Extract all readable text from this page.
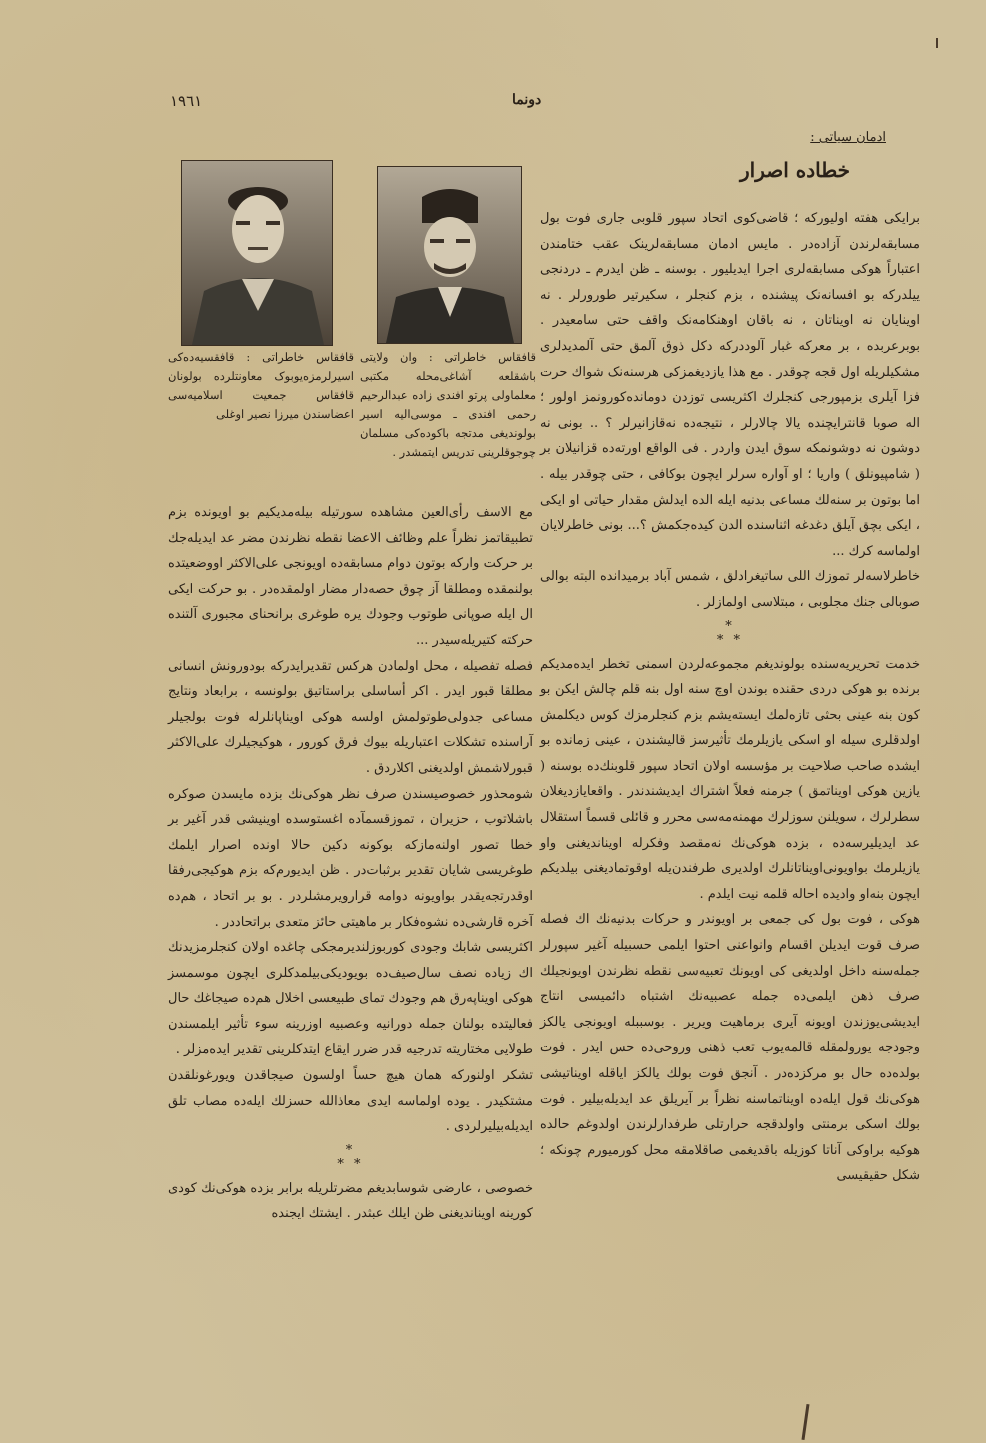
١٩٦١	دونما
ادمان سیاتی :
خطاده اصرار
قافقاس خاطراتی : قافقسیه‌ده‌کی اسیرلرمزه‌یوبوک معاونتلرده بولونان قافقاس جمعیت اسلامیه‌سی اعضاسندن میرزا نصیر اوغلی
قافقاس خاطراتی : وان ولایتی باشقلعه آشاغی‌محله مکتبی معلماولی پرتو افندی زاده عبدالرحیم رحمی افندی ـ موسی‌الیه اسیر بولوندیغی مدتجه باکوده‌کی مسلمان چوجوقلرینی تدریس ایتمشدر .

برایکی هفته اولیورکه ؛ قاضی‌کوی اتحاد سپور قلوبی جاری فوت بول مسابقه‌لرندن آزاده‌در . مایس ادمان مسابقه‌لرینک عقب ختامندن اعتباراً هوکی مسابقه‌لری‌ اجرا ایدیلیور . بوسنه ـ ظن ایدرم ـ دردنجی ییلدرکه بو افسانه‌نک پیشنده ، بزم کنجلر ، سکیرتیر طورورلر . نه اوینایان نه اوینا‌تان ، نه باقان اوهنکامه‌نک واقف حتی سامعیدر . بوبرعربده ، بر معرکه غبار آلوددرکه دکل ذوق آلمق حتی آلمدیدلری مشکیلریله اول قجه چوقدر . مع هذا یازدیغمزکی هرسنه‌نک شواك حرت فزا آیلری بزمپورجی کنجلرك اکثریسی توزدن دومانده‌کورونمز اولور ؛ اله صوبا قانترایچنده یالا چالارلر ، نتیجه‌ده نه‌قازانیرلر ؟ .. بونی نه دوشون نه دوشونمکه سوق ایدن واردر . فی الواقع اورته‌ده قزانیلان بر ( شامپیونلق ) واریا ؛ او آواره سرلر ایچون بوکافی ، حتی چوقدر بیله . اما بوتون بر سنه‌لك مساعی بدنیه ایله الده ایدلش مقدار حیاتی او ایکی ، ایکی بچق آیلق دغدغه اثناسنده الدن کیده‌جکمش ؟... بونی خاطرلایان اولماسه کرك ...

خاطرلاسه‌لر تموزك اللی ساتیغرادلق ، شمس آباد برمیدانده البته بوالی صوبالی جنك مجلوبی ، مبتلاسی اولمازلر .

*
* *

خدمت تحریریه‌سنده بولوندیغم مجموعه‌لردن اسمنی تخطر ایده‌مدیکم برنده بو هوکی دردی حقنده بوندن اوچ سنه اول بنه قلم چالش ایکن بو کون بنه عینی بحثی تازه‌لمك ایسته‌یشم بزم کنجلرمزك کوس دیکلمش اولدقلری سیله او اسکی یازیلرمك تأثیرسز قالیشندن ، عینی زمانده بو ایشده صاحب صلاحیت بر مؤسسه اولان اتحاد سپور قلوبنك‌ده بوسنه ( یازین هوکی اویناتمق ) جرمنه فعلاً اشتراك ایدیشندندر . واقعایازدیغلان سطرلرك ، سویلنن سوزلرك مهمنه‌مه‌سی محرر و قائلی قسماً استقلال عد ایدیلیرسه‌ده ، بزده هوکی‌نك نه‌مقصد وفکرله اویناندیغنی واو یازیلرمك بواویونی‌اویناتانلرك اولدیری طرفندن‌یله اوقوتمادیغنی بیلدیکم ایچون بنه‌او وادیده احاله قلمه نیت ایلدم .

هوکی ، فوت بول کی جمعی بر اویوندر و حرکات بدنیه‌نك اك فصله صرف قوت ایدیلن اقسام وانواعنی احتوا ایلمی حسبیله آغیر سپورلر جمله‌سنه داخل اولدیغی کی اویونك تعبیه‌سی نقطه نظرندن اویونجیلك صرف ذهن ایلمی‌ده جمله عصبیه‌نك اشتباه دائمیسی انتاج ایدیشی‌یوزندن اویونه آیری برماهیت ویریر . بوسببله اویونجی یالکز وجودجه یورولمقله قالمه‌یوب تعب ذهنی وروحی‌ده حس ایدر . فوت بولده‌ده حال بو مرکزده‌در . آنجق فوت بولك یالکز ایاقله اویناتیشی هوکی‌نك قول ایله‌ده اویناتماسنه نظراً بر آیریلق عد ایدیله‌بیلیر . فوت بولك اسکی برمنتی واولدقجه حرارتلی طرفدارلرندن اولدوغم حالده هوکیه براوکی آناتا کوزیله باقدیغمی صاقلامقه محل کورمیورم چونکه ؛ شکل حقیقیسی

مع الاسف رأی‌العین مشاهده سورتیله بیله‌مدیکیم بو اویونده بزم تطبیقاتمز نظراً علم وظائف الاعضا نقطه نظرندن مضر عد ایدیله‌جك بر حرکت وارکه بوتون دوام مسابقه‌ده اویونجی علی‌الاکثر اووضعیتده بولنمقده ومطلقا آز چوق حصه‌دار مضار اولمقده‌در . بو حرکت ایکی ال ایله صوپانی طوتوب وجودك یره طوغری برانحنای مجبوری آلتنده حرکته کتیریله‌سیدر ...

فصله تفصیله ، محل اولمادن هرکس تقدیرایدرکه بودورونش انسانی مطلقا قبور ایدر . اکر أساسلی براستاتیق بولونسه ، برابعاد ونتایج مساعی جدولی‌طوتولمش اولسه هوکی اویناپانلرله فوت بولجیلر آراسنده تشکلات اعتباریله بیوك فرق کورور ، هوکیجیلرك علی‌الاکثر قبورلاشمش اولدیغنی اکلاردق .

شومحذور خصوصیسندن صرف نظر هوکی‌نك بزده مایسدن صوکره باشلاتوب ، حزیران ، تموز‌قسمآده اغستوسده اوینیشی قدر آغیر بر خطا تصور اولنه‌مازکه بوکونه دکین حالا اونده اصرار ایلمك طوغریسی شایان تقدیر بر‌ثبات‌در . ظن ایدیورم‌که بزم هوکیجی‌رفقا اوقدر‌تجه‌یقدر بواویونه دوامه قرارویرمشلردر . بو بر اتحاد ، هم‌ده آخره قارشی‌ده نشوه‌فکار بر ماهیتی حائز متعدی براتحاددر .

اکثریسی شابك وجودی کوربوزلندیرمجکی چاغده اولان کنجلرمزیدنك اك زیاده نصف سال‌صیف‌ده بویودیکی‌بیلمدکلری ایچون موسمسز هوکی اویناپه‌رق هم وجودك تمای طبیعسی اخلال هم‌ده صیجاغك حال فعالیتده بولنان جمله دورانیه وعصبیه اوزرینه سوء تأثیر ایلمسندن طولایی مختاریته تدرجیه قدر ضرر ایقاع ایتدکلرینی تقدیر ایده‌مزلر .

تشکر اولنورکه همان هیچ حساً اولسون صیجاقدن ویورغونلقدن مشتکیدر . یوده اولماسه ایدی معاذالله حسزلك ایله‌ده مصاب تلق ایدیله‌بیلیرلردی .

*
* *

خصوصی ، عارضی شوسابدیغم مضرتلریله برابر بزده هوکی‌نك کودی کورینه اویناندیغنی ظن ایلك عبثدر . ایشتك ایجنده
